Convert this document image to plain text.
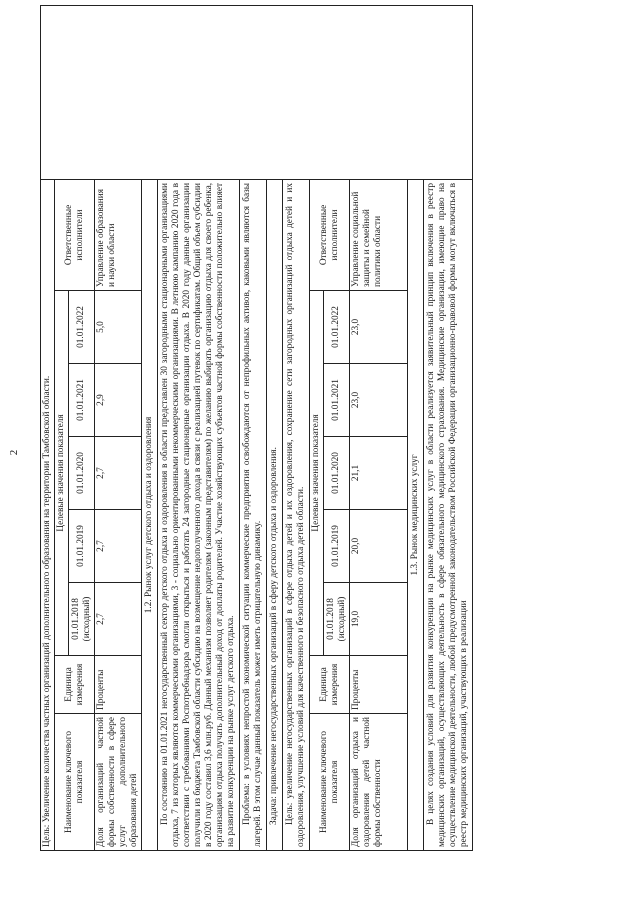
2 Цель: Увеличение количества частных организаций дополнительного образования на территории Тамбовской области.								
Наименование ключевого показателя	Единица измерения	Целевые значения показателя					Ответственные исполнители	
		01.01.2018 (исходный)	01.01.2019	01.01.2020	01.01.2021	01.01.2022		
Доля организаций частной формы собственности в сфере услуг дополнительного образования детей	Проценты	2,7	2,7	2,7	2,9	5,0	Управление образования и науки области	
1.2. Рынок услуг детского отдыха и оздоровления								
По состоянию на 01.01.2021 негосударственный сектор детского отдыха и оздоровления в области представлен 30 загородными стационарными организациями отдыха, 7 из которых являются коммерческими организациями, 3 - социально ориентированными некоммерческими организациями. В летнюю кампанию 2020 года в соответствии с требованиями Роспотребнадзора смогли открыться и работать 24 загородные стационарные организации отдыха. В 2020 году данные организации получили из бюджета Тамбовской области субсидию на возмещение недополученного дохода в связи с реализацией путевок по сертификатам. Общий объем субсидии в 2020 году составил 3,6 млн.руб. Данный механизм позволяет родителям (законным представителям) по желанию выбирать организацию отдыха для своего ребенка, организациям отдыха получать дополнительный доход от доплаты родителей. Участие хозяйствующих субъектов частной формы собственности положительно влияет на развитие конкуренции на рынке услуг детского отдыха.								
Проблема: в условиях непростой экономической ситуации коммерческие предприятия освобождаются от непрофильных активов, каковыми являются базы лагерей. В этом случае данный показатель может иметь отрицательную динамику.								
Задача: привлечение негосударственных организаций в сферу детского отдыха и оздоровления.								
Цель: увеличение негосударственных организаций в сфере отдыха детей и их оздоровления, сохранение сети загородных организаций отдыха детей и их оздоровления, улучшение условий для качественного и безопасного отдыха детей области.								
Наименование ключевого показателя	Единица измерения	Целевые значения показателя					Ответственные исполнители	
		01.01.2018 (исходный)	01.01.2019	01.01.2020	01.01.2021	01.01.2022		
Доля организаций отдыха и оздоровления детей частной формы собственности	Проценты	19,0	20,0	21,1	23,0	23,0	Управление социальной защиты и семейной политики области	
1.3. Рынок медицинских услуг								
В целях создания условий для развития конкуренции на рынке медицинских услуг в области реализуется заявительный принцип включения в реестр медицинских организаций, осуществляющих деятельность в сфере обязательного медицинского страхования. Медицинские организации, имеющие право на осуществление медицинской деятельности, любой предусмотренной законодательством Российской Федерации организационно-правовой формы могут включаться в реестр медицинских организаций, участвующих в реализации								
